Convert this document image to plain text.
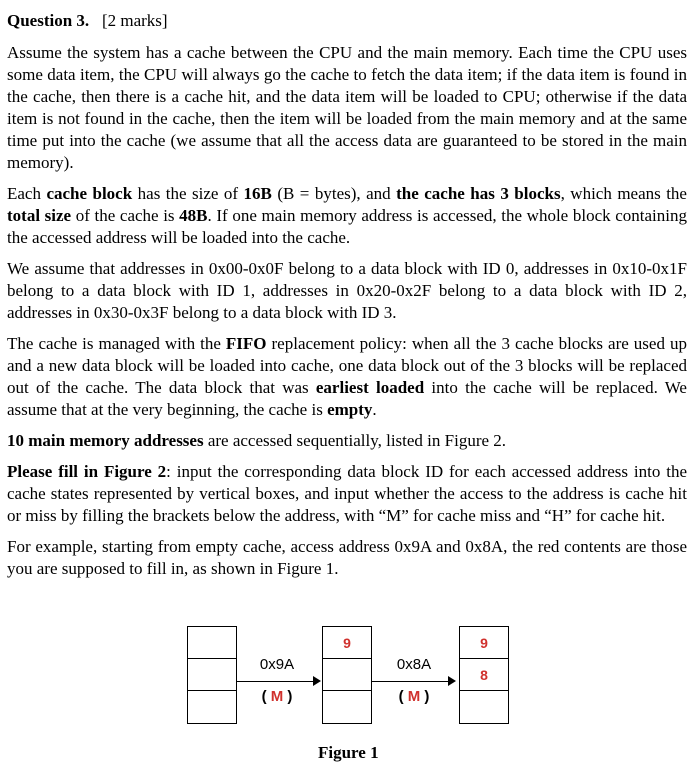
Question 3. [2 marks]

Assume the system has a cache between the CPU and the main memory. Each time the CPU uses some data item, the CPU will always go the cache to fetch the data item; if the data item is found in the cache, then there is a cache hit, and the data item will be loaded to CPU; otherwise if the data item is not found in the cache, then the item will be loaded from the main memory and at the same time put into the cache (we assume that all the access data are guaranteed to be stored in the main memory).

Each cache block has the size of 16B (B = bytes), and the cache has 3 blocks, which means the total size of the cache is 48B. If one main memory address is accessed, the whole block containing the accessed address will be loaded into the cache.

We assume that addresses in 0x00-0x0F belong to a data block with ID 0, addresses in 0x10-0x1F belong to a data block with ID 1, addresses in 0x20-0x2F belong to a data block with ID 2, addresses in 0x30-0x3F belong to a data block with ID 3.

The cache is managed with the FIFO replacement policy: when all the 3 cache blocks are used up and a new data block will be loaded into cache, one data block out of the 3 blocks will be replaced out of the cache. The data block that was earliest loaded into the cache will be replaced. We assume that at the very beginning, the cache is empty.

10 main memory addresses are accessed sequentially, listed in Figure 2.

Please fill in Figure 2: input the corresponding data block ID for each accessed address into the cache states represented by vertical boxes, and input whether the access to the address is cache hit or miss by filling the brackets below the address, with “M” for cache miss and “H” for cache hit.

For example, starting from empty cache, access address 0x9A and 0x8A, the red contents are those you are supposed to fill in, as shown in Figure 1.

0x9A
( M )
9
0x8A
( M )
9
8
Figure 1
